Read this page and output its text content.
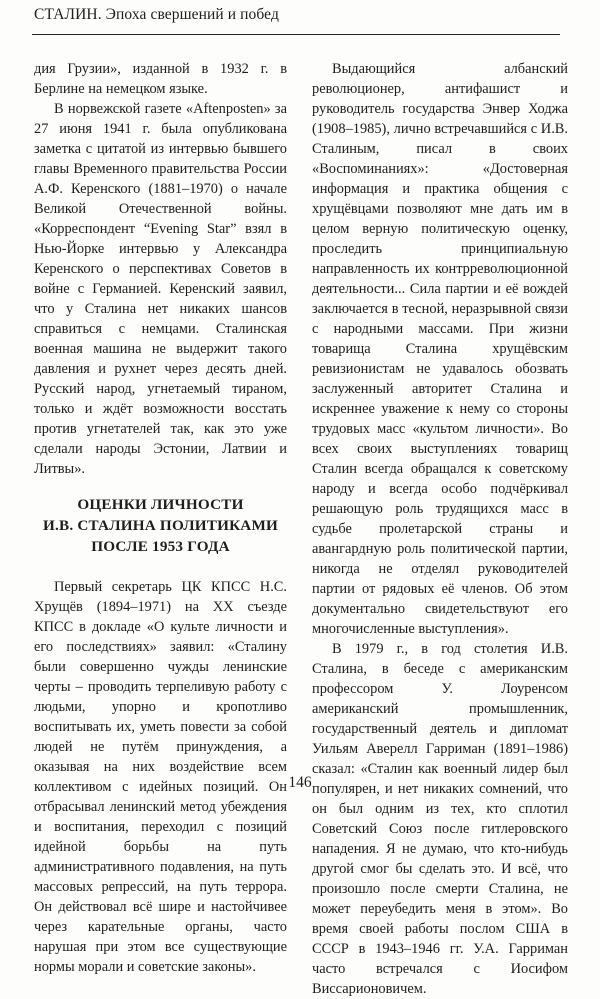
СТАЛИН. Эпоха свершений и побед

дия Грузии», изданной в 1932 г. в Берлине на немецком языке.

В норвежской газете «Aftenposten» за 27 июня 1941 г. была опубликована заметка с цитатой из интервью бывшего главы Временного правительства России А.Ф. Керенского (1881–1970) о начале Великой Отечественной войны. «Корреспондент “Evening Star” взял в Нью-Йорке интервью у Александра Керенского о перспективах Советов в войне с Германией. Керенский заявил, что у Сталина нет никаких шансов справиться с немцами. Сталинская военная машина не выдержит такого давления и рухнет через десять дней. Русский народ, угнетаемый тираном, только и ждёт возможности восстать против угнетателей так, как это уже сделали народы Эстонии, Латвии и Литвы».

ОЦЕНКИ ЛИЧНОСТИ
И.В. СТАЛИНА ПОЛИТИКАМИ
ПОСЛЕ 1953 ГОДА

Первый секретарь ЦК КПСС Н.С. Хрущёв (1894–1971) на XX съезде КПСС в докладе «О культе личности и его последствиях» заявил: «Сталину были совершенно чужды ленинские черты – проводить терпеливую работу с людьми, упорно и кропотливо воспитывать их, уметь повести за собой людей не путём принуждения, а оказывая на них воздействие всем коллективом с идейных позиций. Он отбрасывал ленинский метод убеждения и воспитания, переходил с позиций идейной борьбы на путь административного подавления, на путь массовых репрессий, на путь террора. Он действовал всё шире и настойчивее через карательные органы, часто нарушая при этом все существующие нормы морали и советские законы».

Выдающийся албанский революционер, антифашист и руководитель государства Энвер Ходжа (1908–1985), лично встречавшийся с И.В. Сталиным, писал в своих «Воспоминаниях»: «Достоверная информация и практика общения с хрущёвцами позволяют мне дать им в целом верную политическую оценку, проследить принципиальную направленность их контрреволюционной деятельности... Сила партии и её вождей заключается в тесной, неразрывной связи с народными массами. При жизни товарища Сталина хрущёвским ревизионистам не удавалось обозвать заслуженный авторитет Сталина и искреннее уважение к нему со стороны трудовых масс «культом личности». Во всех своих выступлениях товарищ Сталин всегда обращался к советскому народу и всегда особо подчёркивал решающую роль трудящихся масс в судьбе пролетарской страны и авангардную роль политической партии, никогда не отделял руководителей партии от рядовых её членов. Об этом документально свидетельствуют его многочисленные выступления».

В 1979 г., в год столетия И.В. Сталина, в беседе с американским профессором У. Лоуренсом американский промышленник, государственный деятель и дипломат Уильям Аверелл Гарриман (1891–1986) сказал: «Сталин как военный лидер был популярен, и нет никаких сомнений, что он был одним из тех, кто сплотил Советский Союз после гитлеровского нападения. Я не думаю, что кто-нибудь другой смог бы сделать это. И всё, что произошло после смерти Сталина, не может переубедить меня в этом». Во время своей работы послом США в СССР в 1943–1946 гг. У.А. Гарриман часто встречался с Иосифом Виссарионовичем.

146
